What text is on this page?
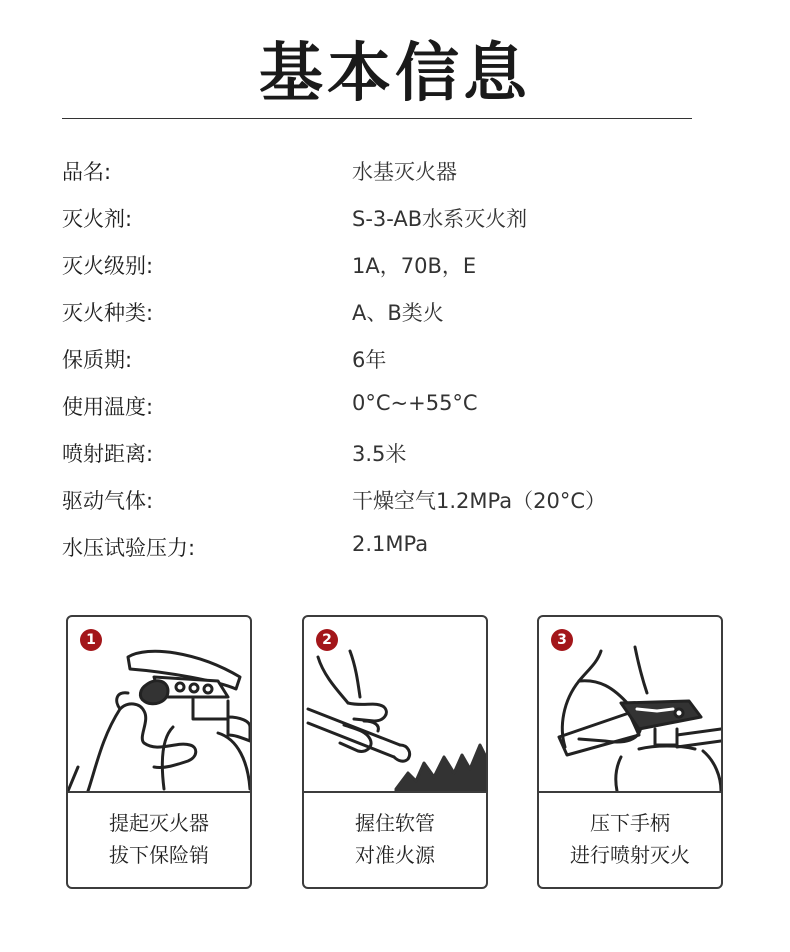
基本信息
品名:	水基灭火器
灭火剂:	S-3-AB水系灭火剂
灭火级别:	1A，70B，E
灭火种类:	A、B类火
保质期:	6年
使用温度:	0°C~+55°C
喷射距离:	3.5米
驱动气体:	干燥空气1.2MPa（20°C）
水压试验压力:	2.1MPa
1
提起灭火器
拔下保险销
2
握住软管
对准火源
3
压下手柄
进行喷射灭火
